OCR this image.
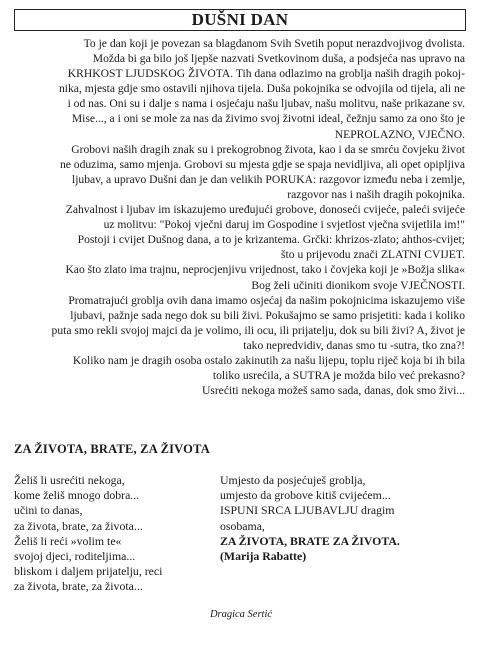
DUŠNI DAN
To je dan koji je povezan sa blagdanom Svih Svetih poput nerazdvojivog dvolista.
Možda bi ga bilo još ljepše nazvati Svetkovinom duša, a podsjeća nas upravo na
KRHKOST LJUDSKOG ŽIVOTA. Tih dana odlazimo na groblja naših dragih pokoj-
nika, mjesta gdje smo ostavili njihova tijela. Duša pokojnika se odvojila od tijela, ali ne
i od nas. Oni su i dalje s nama i osjećaju našu ljubav, našu molitvu, naše prikazane sv.
Mise..., a i oni se mole za nas da živimo svoj životni ideal, čežnju samo za ono što je
NEPROLAZNO, VJEČNO.
Grobovi naših dragih znak su i prekogrobnog života, kao i da se smrću čovjeku život
ne oduzima, samo mjenja. Grobovi su mjesta gdje se spaja nevidljiva, ali opet opipljiva
ljubav, a upravo Dušni dan je dan velikih PORUKA: razgovor između neba i zemlje,
razgovor nas i naših dragih pokojnika.
Zahvalnost i ljubav im iskazujemo uređujući grobove, donoseći cvijeće, paleći svijeće
uz molitvu: "Pokoj vječni daruj im Gospodine i svjetlost vječna svijetlila im!"
Postoji i cvijet Dušnog dana, a to je krizantema. Grčki: khrizos-zlato; ahthos-cvijet;
što u prijevodu znači ZLATNI CVIJET.
Kao što zlato ima trajnu, neprocjenjivu vrijednost, tako i čovjeka koji je »Božja slika«
Bog želi učiniti dionikom svoje VJEČNOSTI.
Promatrajući groblja ovih dana imamo osjećaj da našim pokojnicima iskazujemo više
ljubavi, pažnje sada nego dok su bili živi. Pokušajmo se samo prisjetiti: kada i koliko
puta smo rekli svojoj majci da je volimo, ili ocu, ili prijatelju, dok su bili živi? A, život je
tako nepredvidiv, danas smo tu -sutra, tko zna?!
Koliko nam je dragih osoba ostalo zakinutih za našu lijepu, toplu riječ koja bi ih bila
toliko usrećila, a SUTRA je možda bilo već prekasno?
Usrećiti nekoga možeš samo sada, danas, dok smo živi...
ZA ŽIVOTA, BRATE, ZA ŽIVOTA
Želiš li usrećiti nekoga,
kome želiš mnogo dobra...
učini to danas,
za života, brate, za života...
Želiš li reći »volim te«
svojoj djeci, roditeljima...
bliskom i daljem prijatelju, reci
za života, brate, za života...
Umjesto da posjećuješ groblja,
umjesto da grobove kitiš cvijećem...
ISPUNI SRCA LJUBAVLJU dragim
osobama,
ZA ŽIVOTA, BRATE ZA ŽIVOTA.
(Marija Rabatte)
Dragica Sertić
